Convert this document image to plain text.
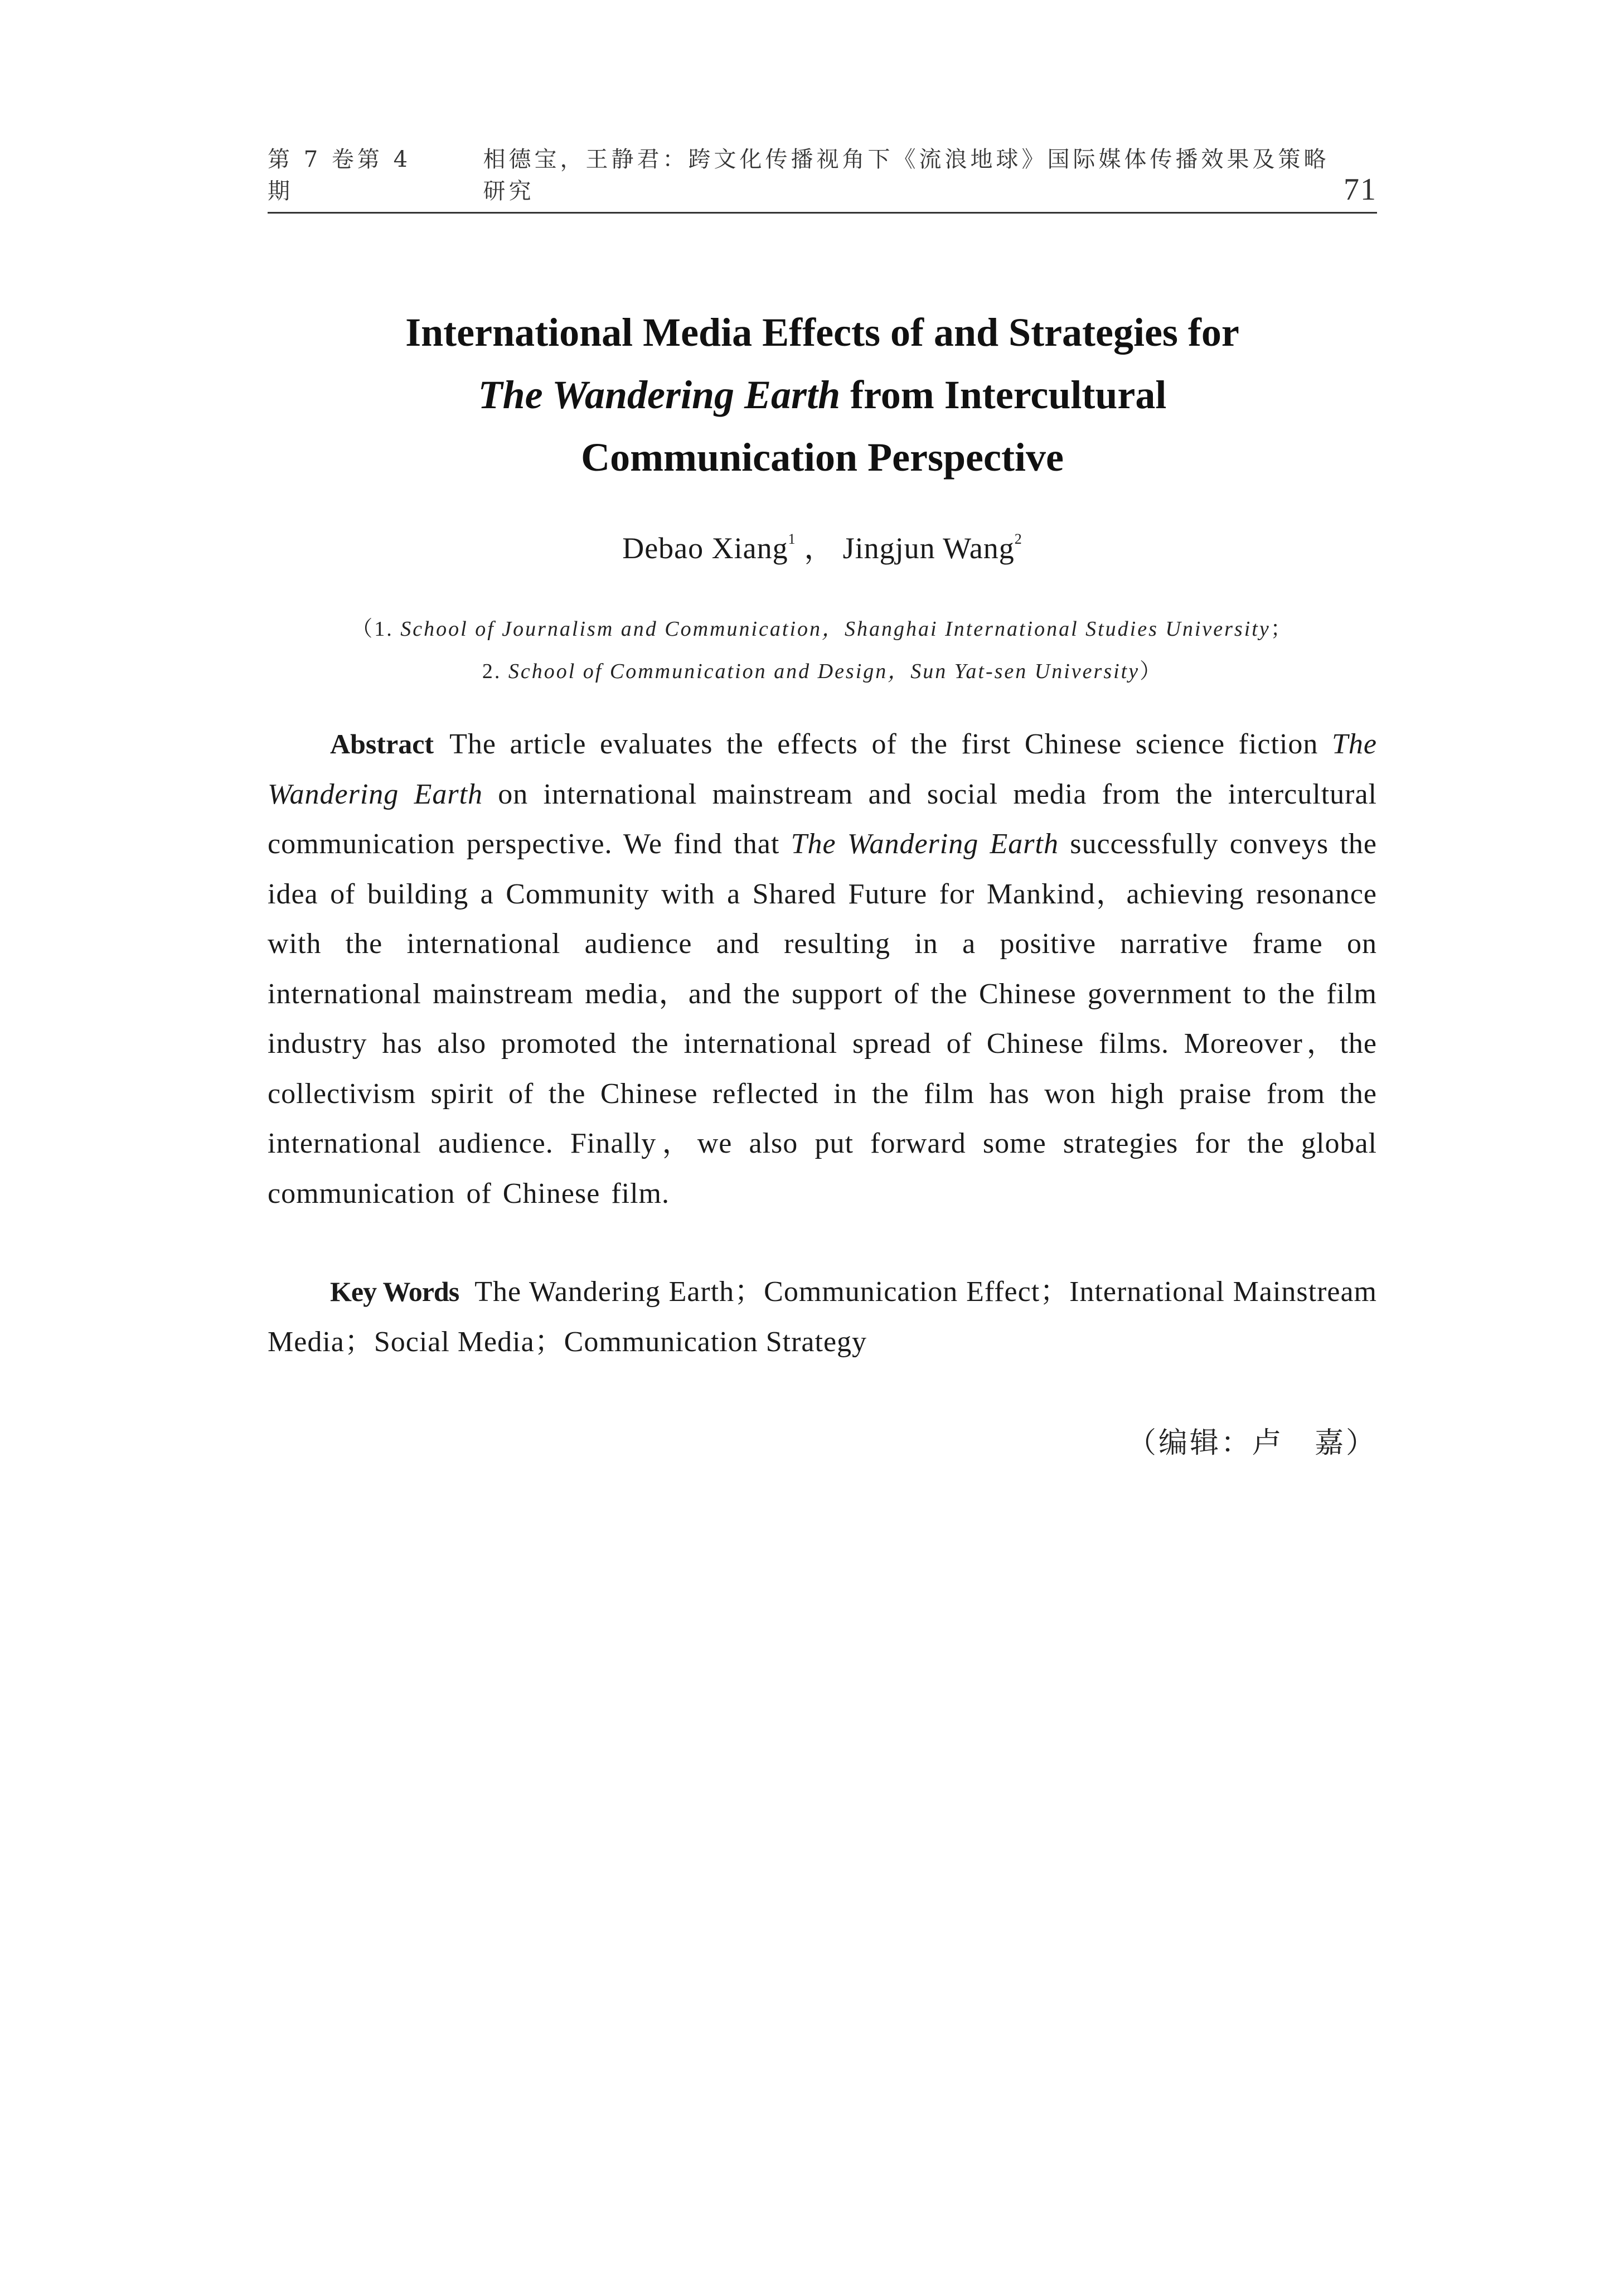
第 7 卷第 4 期
相德宝，王静君：跨文化传播视角下《流浪地球》国际媒体传播效果及策略研究	71
International Media Effects of and Strategies for
The Wandering Earth from Intercultural
Communication Perspective
Debao Xiang$^1$ ， Jingjun Wang$^2$
（1. School of Journalism and Communication，Shanghai International Studies University；
2. School of Communication and Design，Sun Yat-sen University）
Abstract The article evaluates the effects of the first Chinese science fiction The Wandering Earth on international mainstream and social media from the intercultural communication perspective. We find that The Wandering Earth successfully conveys the idea of building a Community with a Shared Future for Mankind，achieving resonance with the international audience and resulting in a positive narrative frame on international mainstream media，and the support of the Chinese government to the film industry has also promoted the international spread of Chinese films. Moreover，the collectivism spirit of the Chinese reflected in the film has won high praise from the international audience. Finally，we also put forward some strategies for the global communication of Chinese film.
Key Words The Wandering Earth；Communication Effect；International Mainstream Media；Social Media；Communication Strategy
（编辑：卢　嘉）
